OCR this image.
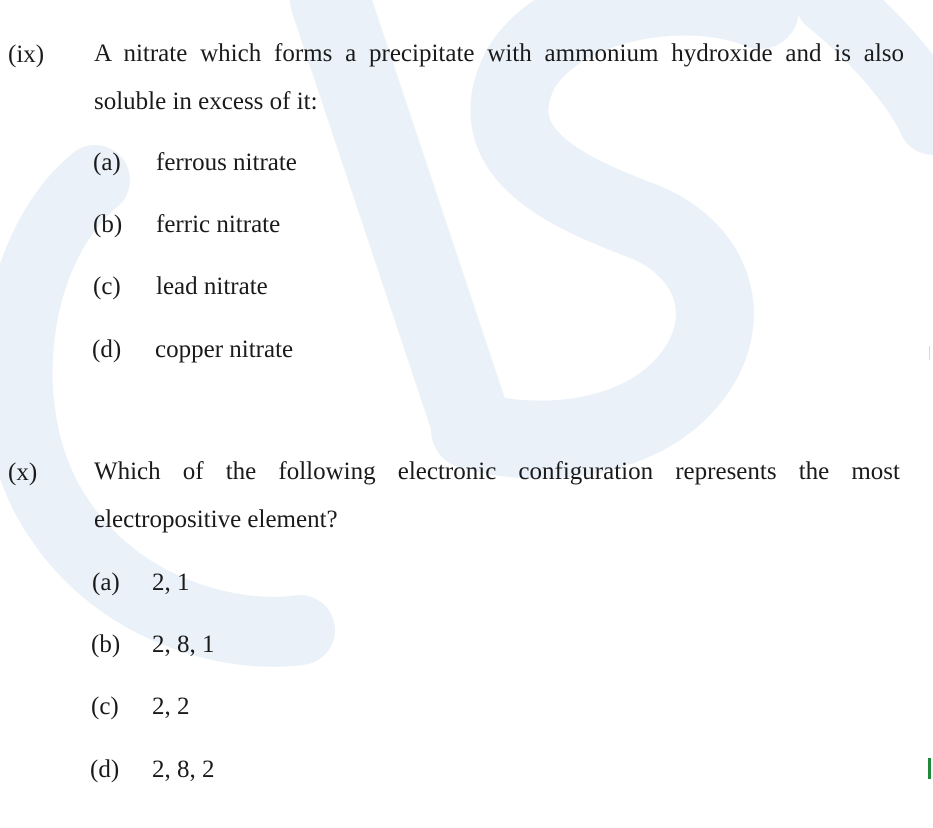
(ix) A nitrate which forms a precipitate with ammonium hydroxide and is also
soluble in excess of it:
(a) ferrous nitrate
(b) ferric nitrate
(c) lead nitrate
(d) copper nitrate
(x) Which of the following electronic configuration represents the most
electropositive element?
(a) 2, 1
(b) 2, 8, 1
(c) 2, 2
(d) 2, 8, 2
